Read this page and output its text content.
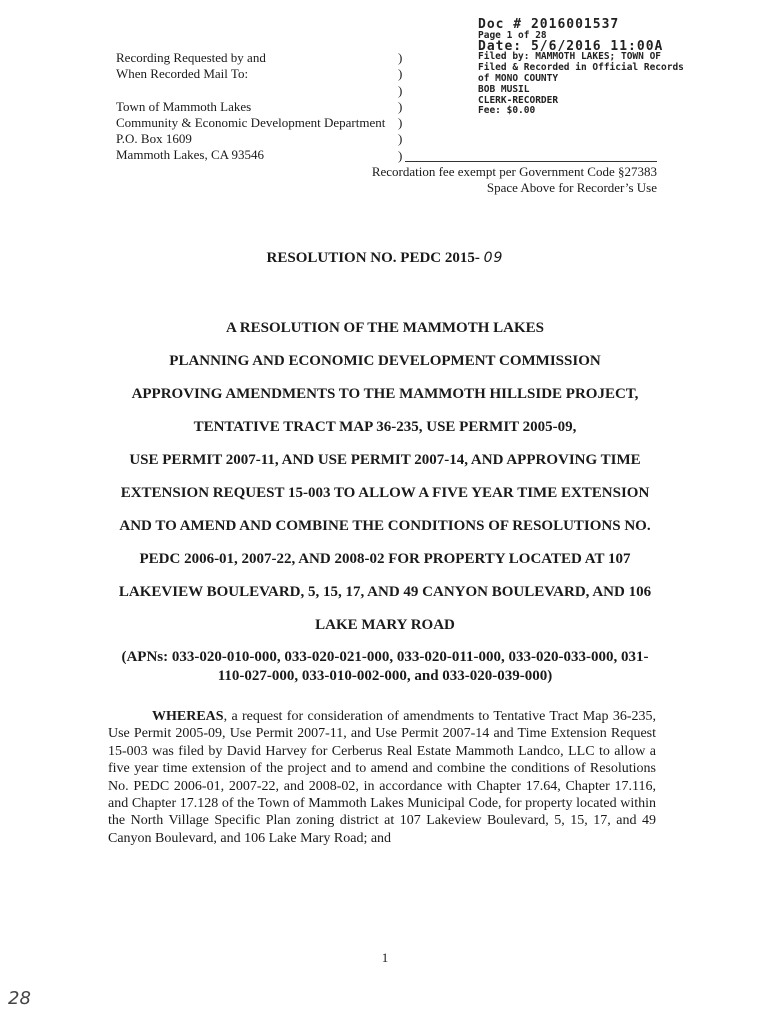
Doc # 2016001537
Page 1 of 28
Date: 5/6/2016 11:00A
Filed by: MAMMOTH LAKES; TOWN OF
Filed & Recorded in Official Records
of MONO COUNTY
BOB MUSIL
CLERK-RECORDER
Fee: $0.00
Recording Requested by and
When Recorded Mail To:
Town of Mammoth Lakes
Community & Economic Development Department
P.O. Box 1609
Mammoth Lakes, CA 93546
)
)
)
)
)
)
)
Recordation fee exempt per Government Code §27383
Space Above for Recorder’s Use
RESOLUTION NO. PEDC 2015- 09
A RESOLUTION OF THE MAMMOTH LAKES
PLANNING AND ECONOMIC DEVELOPMENT COMMISSION
APPROVING AMENDMENTS TO THE MAMMOTH HILLSIDE PROJECT,
TENTATIVE TRACT MAP 36-235, USE PERMIT 2005-09,
USE PERMIT 2007-11, AND USE PERMIT 2007-14, AND APPROVING TIME
EXTENSION REQUEST 15-003 TO ALLOW A FIVE YEAR TIME EXTENSION
AND TO AMEND AND COMBINE THE CONDITIONS OF RESOLUTIONS NO.
PEDC 2006-01, 2007-22, AND 2008-02 FOR PROPERTY LOCATED AT 107
LAKEVIEW BOULEVARD, 5, 15, 17, AND 49 CANYON BOULEVARD, AND 106
LAKE MARY ROAD
(APNs: 033-020-010-000, 033-020-021-000, 033-020-011-000, 033-020-033-000, 031-
110-027-000, 033-010-002-000, and 033-020-039-000)
WHEREAS, a request for consideration of amendments to Tentative Tract Map 36-235, Use Permit 2005-09, Use Permit 2007-11, and Use Permit 2007-14 and Time Extension Request 15-003 was filed by David Harvey for Cerberus Real Estate Mammoth Landco, LLC to allow a five year time extension of the project and to amend and combine the conditions of Resolutions No. PEDC 2006-01, 2007-22, and 2008-02, in accordance with Chapter 17.64, Chapter 17.116, and Chapter 17.128 of the Town of Mammoth Lakes Municipal Code, for property located within the North Village Specific Plan zoning district at 107 Lakeview Boulevard, 5, 15, 17, and 49 Canyon Boulevard, and 106 Lake Mary Road; and
1
28
